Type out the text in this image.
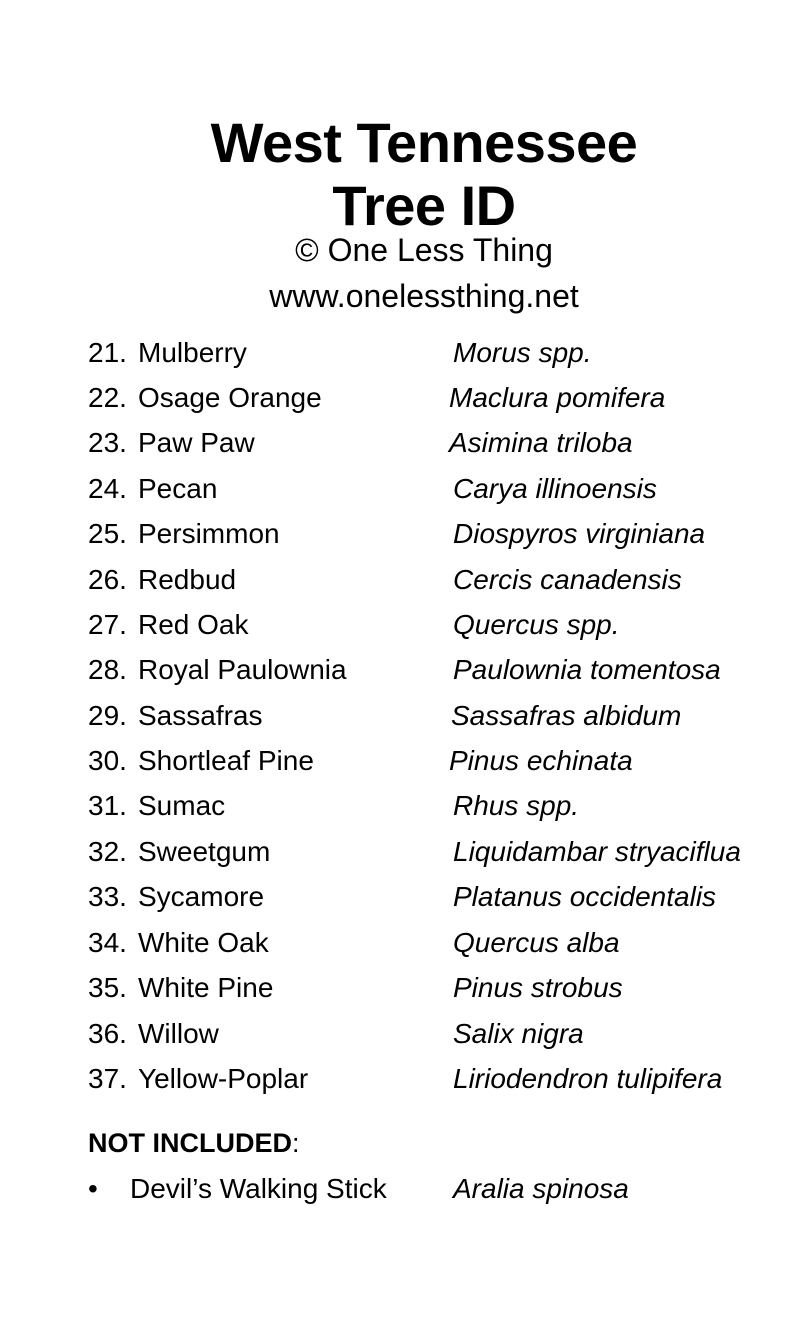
West Tennessee
Tree ID
© One Less Thing
www.onelessthing.net
21. Mulberry	Morus spp.
22. Osage Orange	Maclura pomifera
23. Paw Paw	Asimina triloba
24. Pecan	Carya illinoensis
25. Persimmon	Diospyros virginiana
26. Redbud	Cercis canadensis
27. Red Oak	Quercus spp.
28. Royal Paulownia	Paulownia tomentosa
29. Sassafras	Sassafras albidum
30. Shortleaf Pine	Pinus echinata
31. Sumac	Rhus spp.
32. Sweetgum	Liquidambar stryaciflua
33. Sycamore	Platanus occidentalis
34. White Oak	Quercus alba
35. White Pine	Pinus strobus
36. Willow	Salix nigra
37. Yellow-Poplar	Liriodendron tulipifera
NOT INCLUDED:
• Devil’s Walking Stick Aralia spinosa
